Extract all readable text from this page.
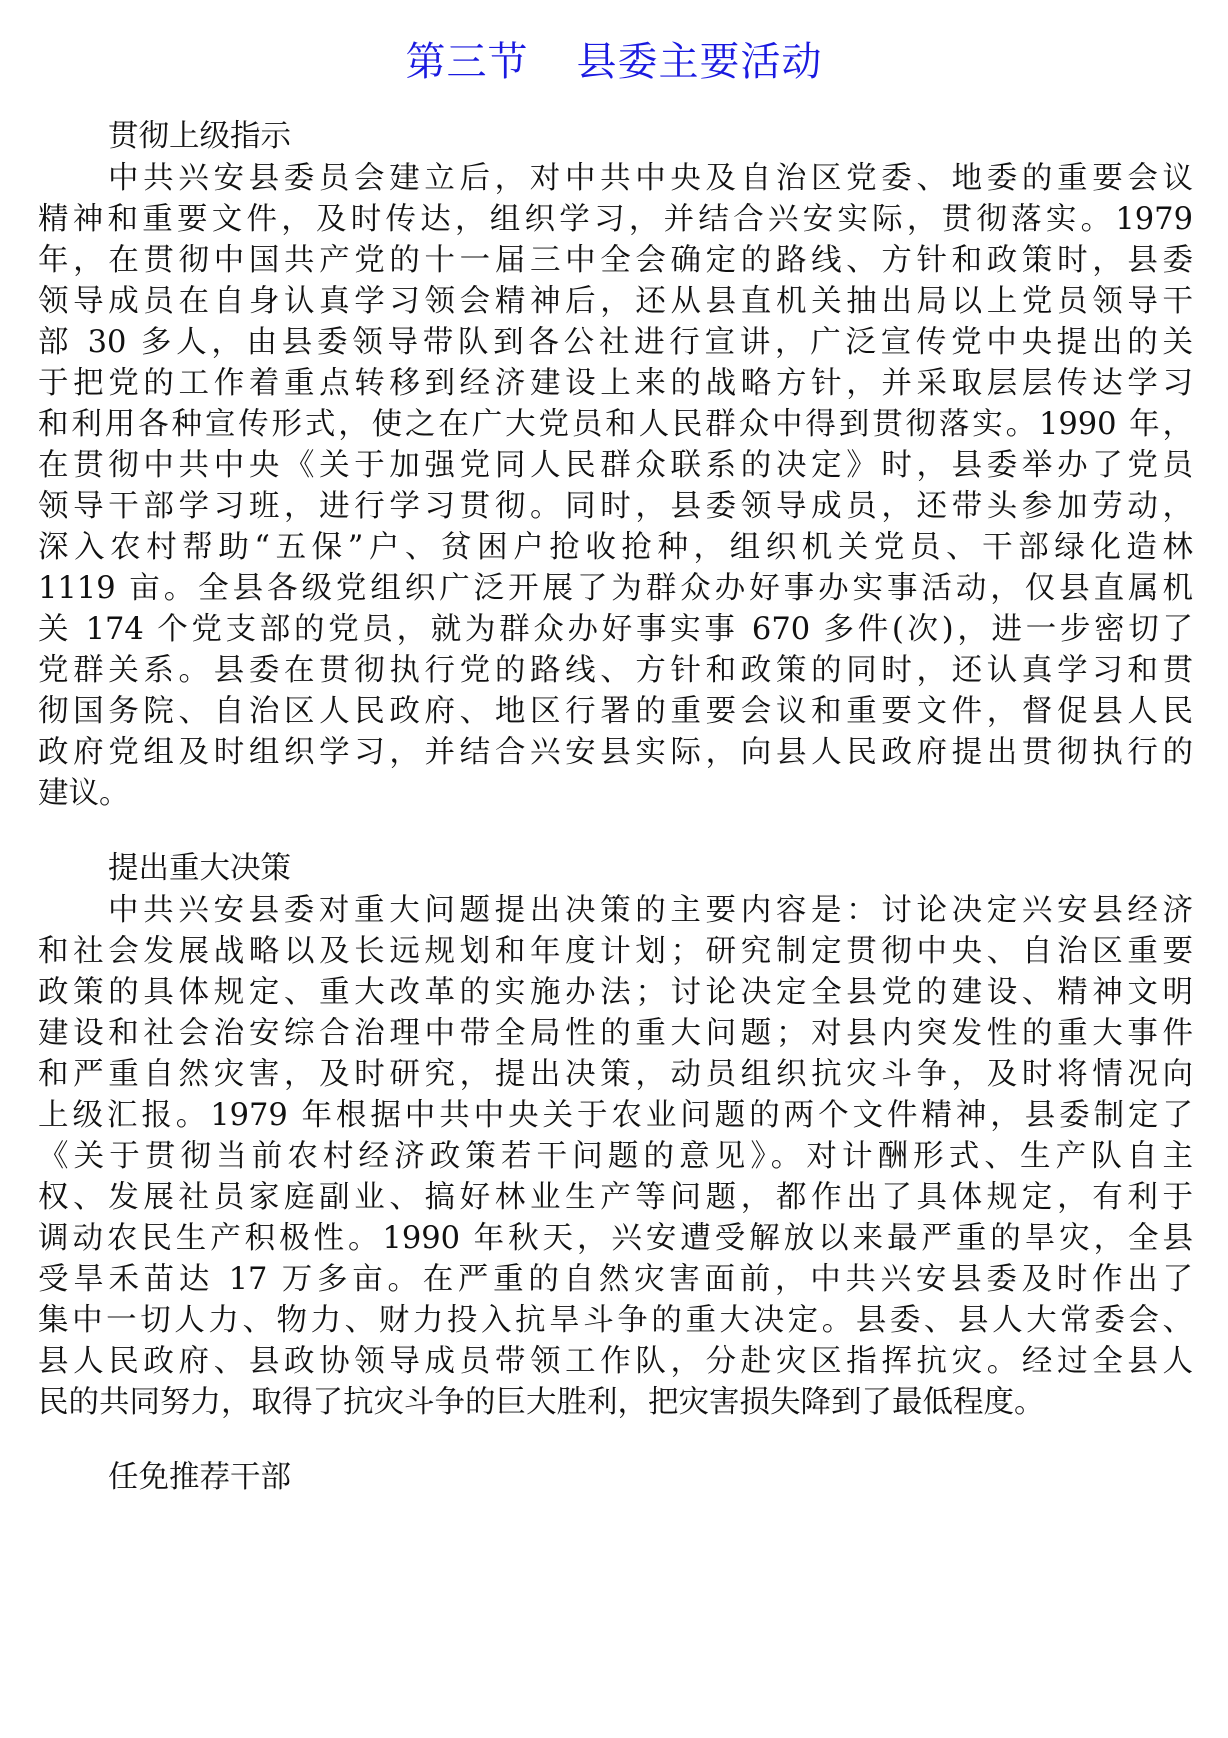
第三节 县委主要活动
贯彻上级指示
中共兴安县委员会建立后，对中共中央及自治区党委、地委的重要会议
精神和重要文件，及时传达，组织学习，并结合兴安实际，贯彻落实。1979
年，在贯彻中国共产党的十一届三中全会确定的路线、方针和政策时，县委
领导成员在自身认真学习领会精神后，还从县直机关抽出局以上党员领导干
部 30 多人，由县委领导带队到各公社进行宣讲，广泛宣传党中央提出的关
于把党的工作着重点转移到经济建设上来的战略方针，并采取层层传达学习
和利用各种宣传形式，使之在广大党员和人民群众中得到贯彻落实。1990 年，
在贯彻中共中央《关于加强党同人民群众联系的决定》时，县委举办了党员
领导干部学习班，进行学习贯彻。同时，县委领导成员，还带头参加劳动，
深入农村帮助“五保”户、贫困户抢收抢种，组织机关党员、干部绿化造林
1119 亩。全县各级党组织广泛开展了为群众办好事办实事活动，仅县直属机
关 174 个党支部的党员，就为群众办好事实事 670 多件(次)，进一步密切了
党群关系。县委在贯彻执行党的路线、方针和政策的同时，还认真学习和贯
彻国务院、自治区人民政府、地区行署的重要会议和重要文件，督促县人民
政府党组及时组织学习，并结合兴安县实际，向县人民政府提出贯彻执行的
建议。
提出重大决策
中共兴安县委对重大问题提出决策的主要内容是：讨论决定兴安县经济
和社会发展战略以及长远规划和年度计划；研究制定贯彻中央、自治区重要
政策的具体规定、重大改革的实施办法；讨论决定全县党的建设、精神文明
建设和社会治安综合治理中带全局性的重大问题；对县内突发性的重大事件
和严重自然灾害，及时研究，提出决策，动员组织抗灾斗争，及时将情况向
上级汇报。1979 年根据中共中央关于农业问题的两个文件精神，县委制定了
《关于贯彻当前农村经济政策若干问题的意见》。对计酬形式、生产队自主
权、发展社员家庭副业、搞好林业生产等问题，都作出了具体规定，有利于
调动农民生产积极性。1990 年秋天，兴安遭受解放以来最严重的旱灾，全县
受旱禾苗达 17 万多亩。在严重的自然灾害面前，中共兴安县委及时作出了
集中一切人力、物力、财力投入抗旱斗争的重大决定。县委、县人大常委会、
县人民政府、县政协领导成员带领工作队，分赴灾区指挥抗灾。经过全县人
民的共同努力，取得了抗灾斗争的巨大胜利，把灾害损失降到了最低程度。
任免推荐干部
